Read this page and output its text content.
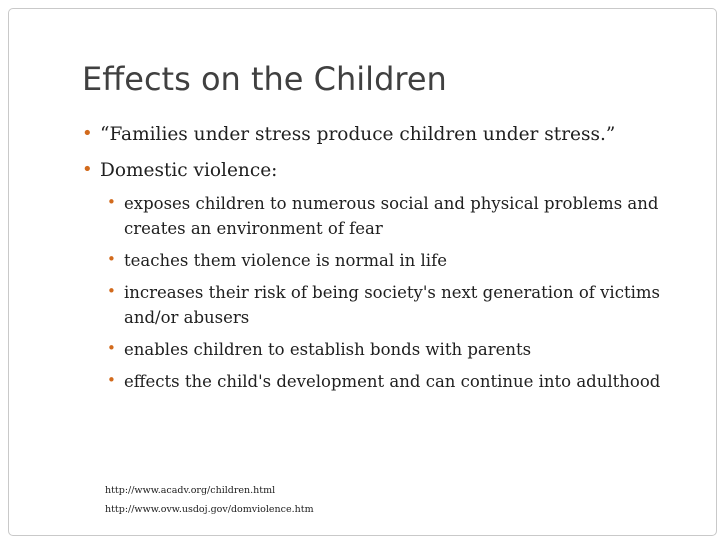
Effects on the Children
• “Families under stress produce children under stress.”
• Domestic violence:
• exposes children to numerous social and physical problems and creates an environment of fear
• teaches them violence is normal in life
• increases their risk of being society's next generation of victims and/or abusers
• enables children to establish bonds with parents
• effects the child's development and can continue into adulthood
http://www.acadv.org/children.html
http://www.ovw.usdoj.gov/domviolence.htm
